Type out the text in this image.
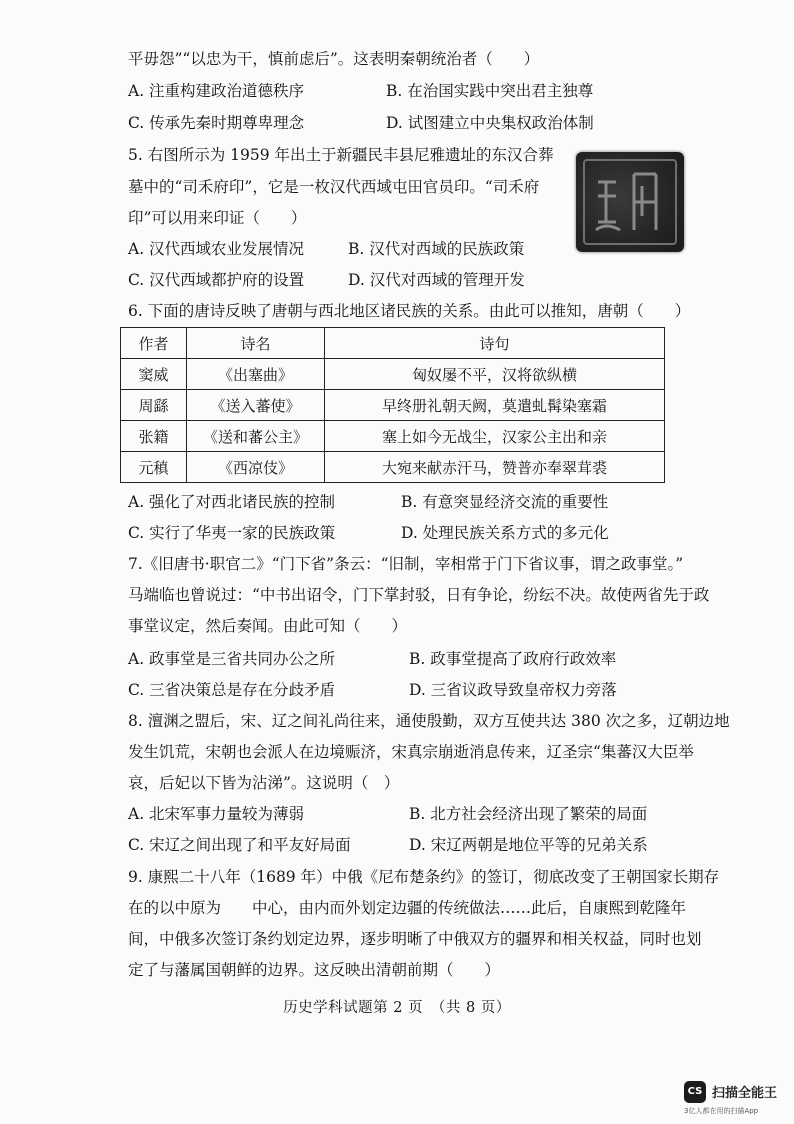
平毋怨”“以忠为干，慎前虑后”。这表明秦朝统治者（　　）
A. 注重构建政治道德秩序	B. 在治国实践中突出君主独尊
C. 传承先秦时期尊卑理念	D. 试图建立中央集权政治体制
5. 右图所示为 1959 年出土于新疆民丰县尼雅遗址的东汉合葬
墓中的“司禾府印”，它是一枚汉代西域屯田官员印。“司禾府
印”可以用来印证（　　）
A. 汉代西域农业发展情况	B. 汉代对西域的民族政策
C. 汉代西域都护府的设置	D. 汉代对西域的管理开发
6. 下面的唐诗反映了唐朝与西北地区诸民族的关系。由此可以推知，唐朝（　　）
作者	诗名	诗句
窦威	《出塞曲》	匈奴屡不平，汉将欲纵横
周繇	《送入蕃使》	早终册礼朝天阙，莫遣虬髯染塞霜
张籍	《送和蕃公主》	塞上如今无战尘，汉家公主出和亲
元稹	《西凉伎》	大宛来献赤汗马，赞普亦奉翠茸裘
A. 强化了对西北诸民族的控制	B. 有意突显经济交流的重要性
C. 实行了华夷一家的民族政策	D. 处理民族关系方式的多元化
7.《旧唐书·职官二》“门下省”条云：“旧制，宰相常于门下省议事，谓之政事堂。”
马端临也曾说过：“中书出诏令，门下掌封驳，日有争论，纷纭不决。故使两省先于政
事堂议定，然后奏闻。由此可知（　　）
A. 政事堂是三省共同办公之所	B. 政事堂提高了政府行政效率
C. 三省决策总是存在分歧矛盾	D. 三省议政导致皇帝权力旁落
8. 澶渊之盟后，宋、辽之间礼尚往来，通使殷勤，双方互使共达 380 次之多，辽朝边地
发生饥荒，宋朝也会派人在边境赈济，宋真宗崩逝消息传来，辽圣宗“集蕃汉大臣举
哀，后妃以下皆为沾涕”。这说明（　）
A. 北宋军事力量较为薄弱	B. 北方社会经济出现了繁荣的局面
C. 宋辽之间出现了和平友好局面	D. 宋辽两朝是地位平等的兄弟关系
9. 康熙二十八年（1689 年）中俄《尼布楚条约》的签订，彻底改变了王朝国家长期存
在的以中原为　　中心，由内而外划定边疆的传统做法……此后，自康熙到乾隆年
间，中俄多次签订条约划定边界，逐步明晰了中俄双方的疆界和相关权益，同时也划
定了与藩属国朝鲜的边界。这反映出清朝前期（　　）
历史学科试题第 2 页　（共 8 页）
CS 扫描全能王
3亿人都在用的扫描App
